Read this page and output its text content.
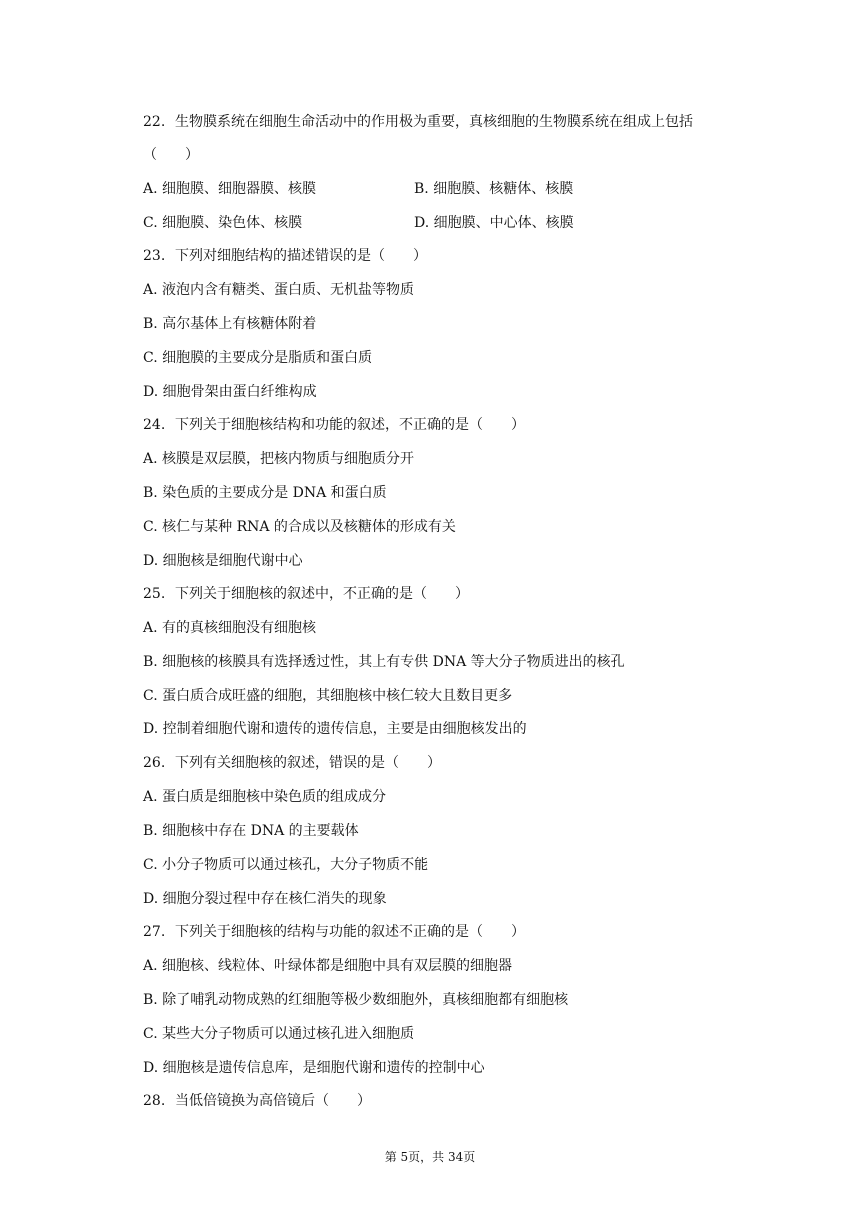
22. 生物膜系统在细胞生命活动中的作用极为重要，真核细胞的生物膜系统在组成上包括
（　　）
A. 细胞膜、细胞器膜、核膜	B. 细胞膜、核糖体、核膜
C. 细胞膜、染色体、核膜	D. 细胞膜、中心体、核膜
23. 下列对细胞结构的描述错误的是（　　）
A. 液泡内含有糖类、蛋白质、无机盐等物质
B. 高尔基体上有核糖体附着
C. 细胞膜的主要成分是脂质和蛋白质
D. 细胞骨架由蛋白纤维构成
24. 下列关于细胞核结构和功能的叙述，不正确的是（　　）
A. 核膜是双层膜，把核内物质与细胞质分开
B. 染色质的主要成分是 DNA 和蛋白质
C. 核仁与某种 RNA 的合成以及核糖体的形成有关
D. 细胞核是细胞代谢中心
25. 下列关于细胞核的叙述中，不正确的是（　　）
A. 有的真核细胞没有细胞核
B. 细胞核的核膜具有选择透过性，其上有专供 DNA 等大分子物质进出的核孔
C. 蛋白质合成旺盛的细胞，其细胞核中核仁较大且数目更多
D. 控制着细胞代谢和遗传的遗传信息，主要是由细胞核发出的
26. 下列有关细胞核的叙述，错误的是（　　）
A. 蛋白质是细胞核中染色质的组成成分
B. 细胞核中存在 DNA 的主要载体
C. 小分子物质可以通过核孔，大分子物质不能
D. 细胞分裂过程中存在核仁消失的现象
27. 下列关于细胞核的结构与功能的叙述不正确的是（　　）
A. 细胞核、线粒体、叶绿体都是细胞中具有双层膜的细胞器
B. 除了哺乳动物成熟的红细胞等极少数细胞外，真核细胞都有细胞核
C. 某些大分子物质可以通过核孔进入细胞质
D. 细胞核是遗传信息库，是细胞代谢和遗传的控制中心
28. 当低倍镜换为高倍镜后（　　）
第 5页，共 34页
